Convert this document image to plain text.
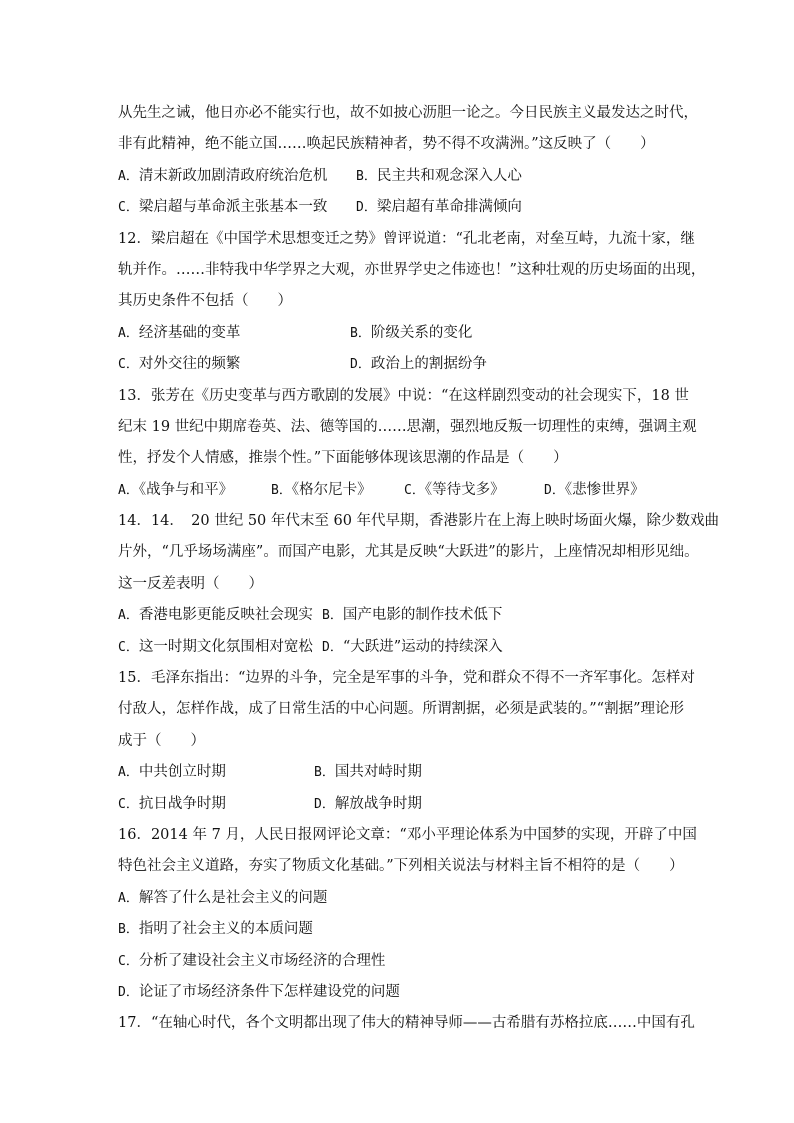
从先生之诫，他日亦必不能实行也，故不如披心沥胆一论之。今日民族主义最发达之时代，
非有此精神，绝不能立国……唤起民族精神者，势不得不攻满洲。”这反映了（　　）
A．清末新政加剧清政府统治危机 B．民主共和观念深入人心
C．梁启超与革命派主张基本一致 D．梁启超有革命排满倾向
12．梁启超在《中国学术思想变迁之势》曾评说道：“孔北老南，对垒互峙，九流十家，继
轨并作。……非特我中华学界之大观，亦世界学史之伟迹也！”这种壮观的历史场面的出现，
其历史条件不包括（　　）
A．经济基础的变革	B．阶级关系的变化
C．对外交往的频繁	D．政治上的割据纷争
13．张芳在《历史变革与西方歌剧的发展》中说：“在这样剧烈变动的社会现实下，18 世
纪末 19 世纪中期席卷英、法、德等国的……思潮，强烈地反叛一切理性的束缚，强调主观
性，抒发个人情感，推崇个性。”下面能够体现该思潮的作品是（　　）
A．《战争与和平》	B．《格尔尼卡》 C．《等待戈多》	D．《悲惨世界》
14．14．　20 世纪 50 年代末至 60 年代早期，香港影片在上海上映时场面火爆，除少数戏曲
片外，“几乎场场满座”。而国产电影，尤其是反映“大跃进”的影片，上座情况却相形见绌。
这一反差表明（　　）
A．香港电影更能反映社会现实 B．国产电影的制作技术低下
C．这一时期文化氛围相对宽松 D．“大跃进”运动的持续深入
15．毛泽东指出：“边界的斗争，完全是军事的斗争，党和群众不得不一齐军事化。怎样对
付敌人，怎样作战，成了日常生活的中心问题。所谓割据，必须是武装的。”“割据”理论形
成于（　　）
A．中共创立时期	B．国共对峙时期
C．抗日战争时期	D．解放战争时期
16．2014 年 7 月，人民日报网评论文章：“邓小平理论体系为中国梦的实现，开辟了中国
特色社会主义道路，夯实了物质文化基础。”下列相关说法与材料主旨不相符的是（　　）
A．解答了什么是社会主义的问题
B．指明了社会主义的本质问题
C．分析了建设社会主义市场经济的合理性
D．论证了市场经济条件下怎样建设党的问题
17．“在轴心时代，各个文明都出现了伟大的精神导师——古希腊有苏格拉底……中国有孔
